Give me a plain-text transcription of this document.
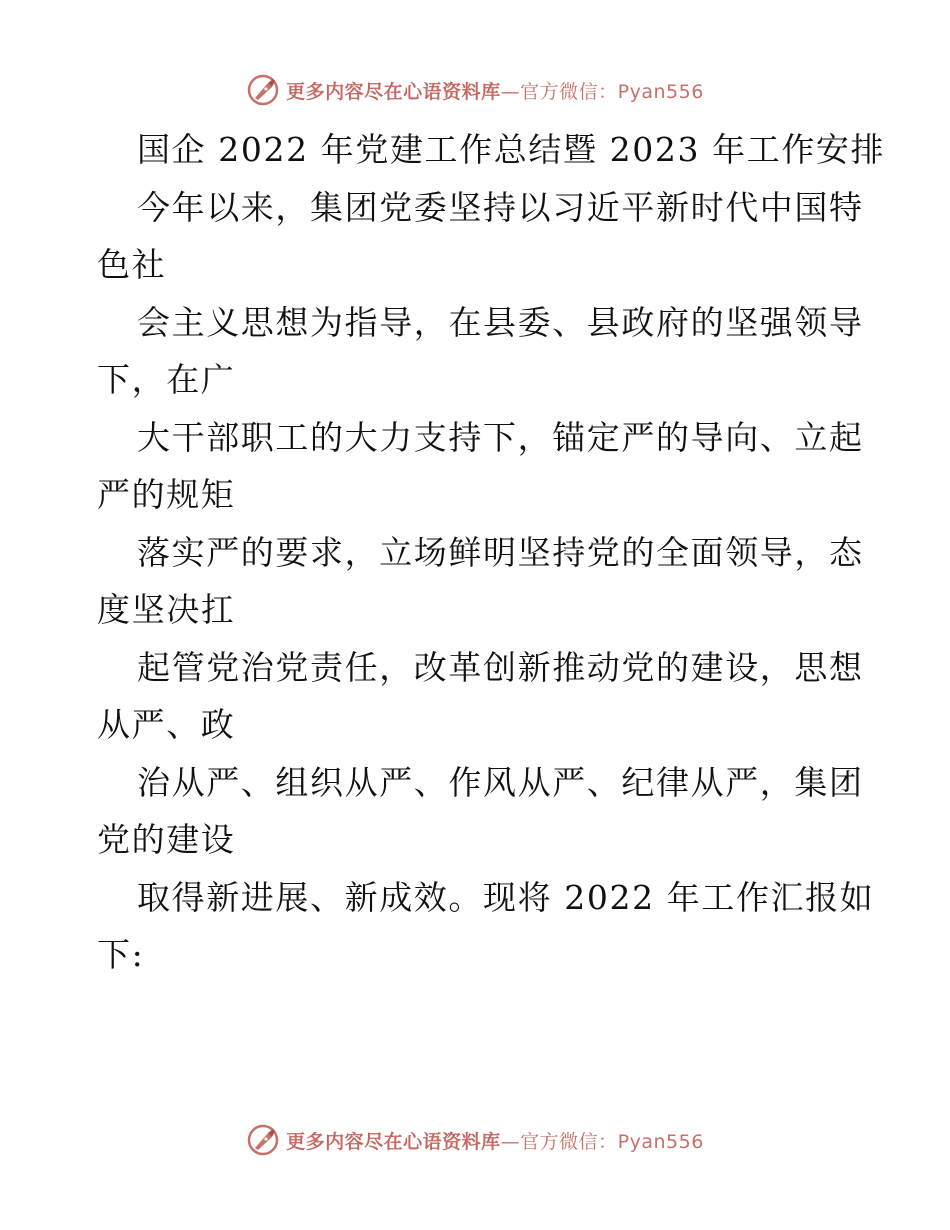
更多内容尽在心语资料库—官方微信：Pyan556
国企 2022 年党建工作总结暨 2023 年工作安排
今年以来，集团党委坚持以习近平新时代中国特
色社
会主义思想为指导，在县委、县政府的坚强领导
下，在广
大干部职工的大力支持下，锚定严的导向、立起
严的规矩
落实严的要求，立场鲜明坚持党的全面领导，态
度坚决扛
起管党治党责任，改革创新推动党的建设，思想
从严、政
治从严、组织从严、作风从严、纪律从严，集团
党的建设
取得新进展、新成效。现将 2022 年工作汇报如
下:
更多内容尽在心语资料库—官方微信：Pyan556
